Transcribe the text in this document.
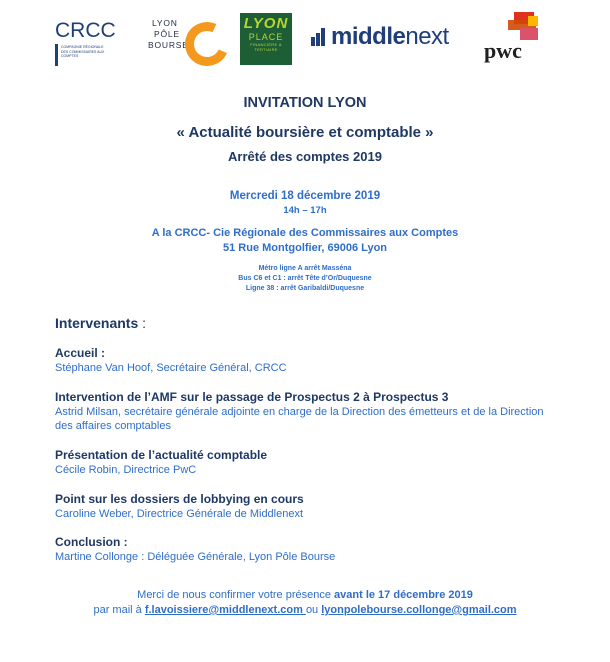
CRCC
COMPAGNIE RÉGIONALE DES COMMISSAIRES AUX COMPTES
LYON
PÔLE
BOURSE
LYON
PLACE
FINANCIÈRE & TERTIAIRE	middlenext
pwc
INVITATION LYON
« Actualité boursière et comptable »
Arrêté des comptes 2019
Mercredi 18 décembre 2019
14h – 17h
A la CRCC- Cie Régionale des Commissaires aux Comptes
51 Rue Montgolfier, 69006 Lyon
Métro ligne A arrêt Masséna
Bus C6 et C1 : arrêt Tête d’Or/Duquesne
Ligne 38 : arrêt Garibaldi/Duquesne
Intervenants :
Accueil :
Stéphane Van Hoof, Secrétaire Général, CRCC
Intervention de l’AMF sur le passage de Prospectus 2 à Prospectus 3
Astrid Milsan, secrétaire générale adjointe en charge de la Direction des émetteurs et de la Direction des affaires comptables
Présentation de l’actualité comptable
Cécile Robin, Directrice PwC
Point sur les dossiers de lobbying en cours
Caroline Weber, Directrice Générale de Middlenext
Conclusion :
Martine Collonge : Déléguée Générale, Lyon Pôle Bourse
Merci de nous confirmer votre présence avant le 17 décembre 2019
par mail à f.lavoissiere@middlenext.com ou lyonpolebourse.collonge@gmail.com
